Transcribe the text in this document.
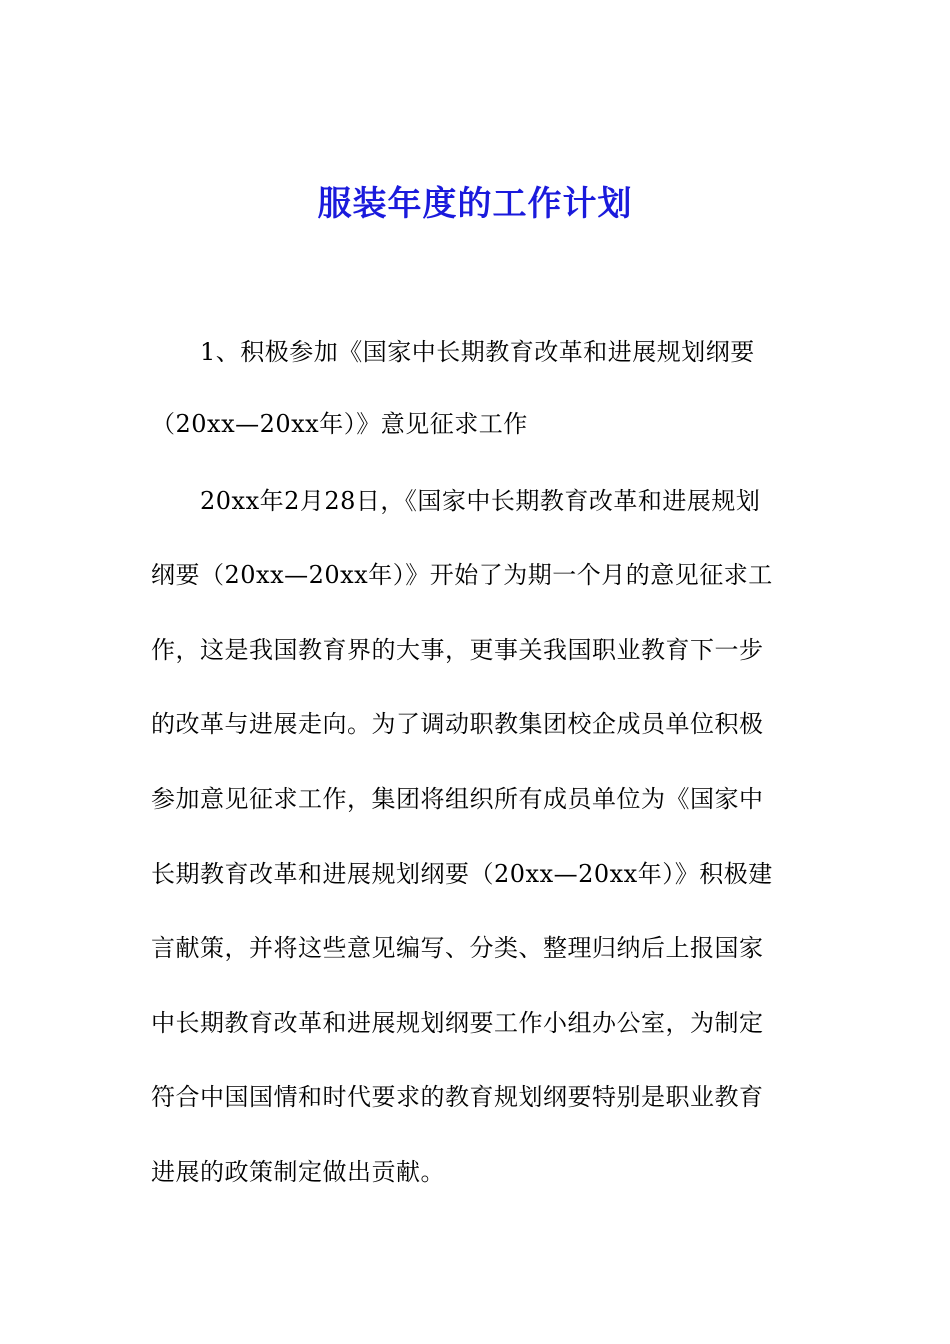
服装年度的工作计划
1、积极参加《国家中长期教育改革和进展规划纲要
（20xx—20xx年）》意见征求工作
20xx年2月28日，《国家中长期教育改革和进展规划
纲要（20xx—20xx年）》开始了为期一个月的意见征求工
作，这是我国教育界的大事，更事关我国职业教育下一步
的改革与进展走向。为了调动职教集团校企成员单位积极
参加意见征求工作，集团将组织所有成员单位为《国家中
长期教育改革和进展规划纲要（20xx—20xx年）》积极建
言献策，并将这些意见编写、分类、整理归纳后上报国家
中长期教育改革和进展规划纲要工作小组办公室，为制定
符合中国国情和时代要求的教育规划纲要特别是职业教育
进展的政策制定做出贡献。
